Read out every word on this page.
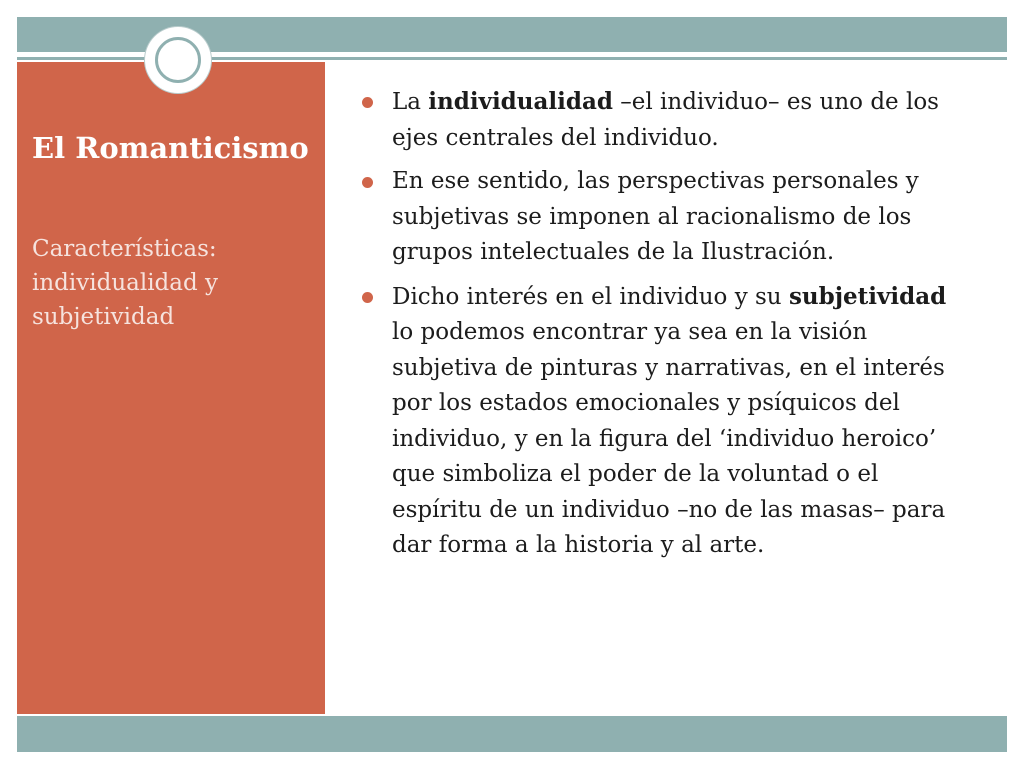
El Romanticismo
Características: individualidad y subjetividad
La individualidad –el individuo– es uno de los ejes centrales del individuo.
En ese sentido, las perspectivas personales y subjetivas se imponen al racionalismo de los grupos intelectuales de la Ilustración.
Dicho interés en el individuo y su subjetividad lo podemos encontrar ya sea en la visión subjetiva de pinturas y narrativas, en el interés por los estados emocionales y psíquicos del individuo, y en la figura del ‘individuo heroico’ que simboliza el poder de la voluntad o el espíritu de un individuo –no de las masas– para dar forma a la historia y al arte.
